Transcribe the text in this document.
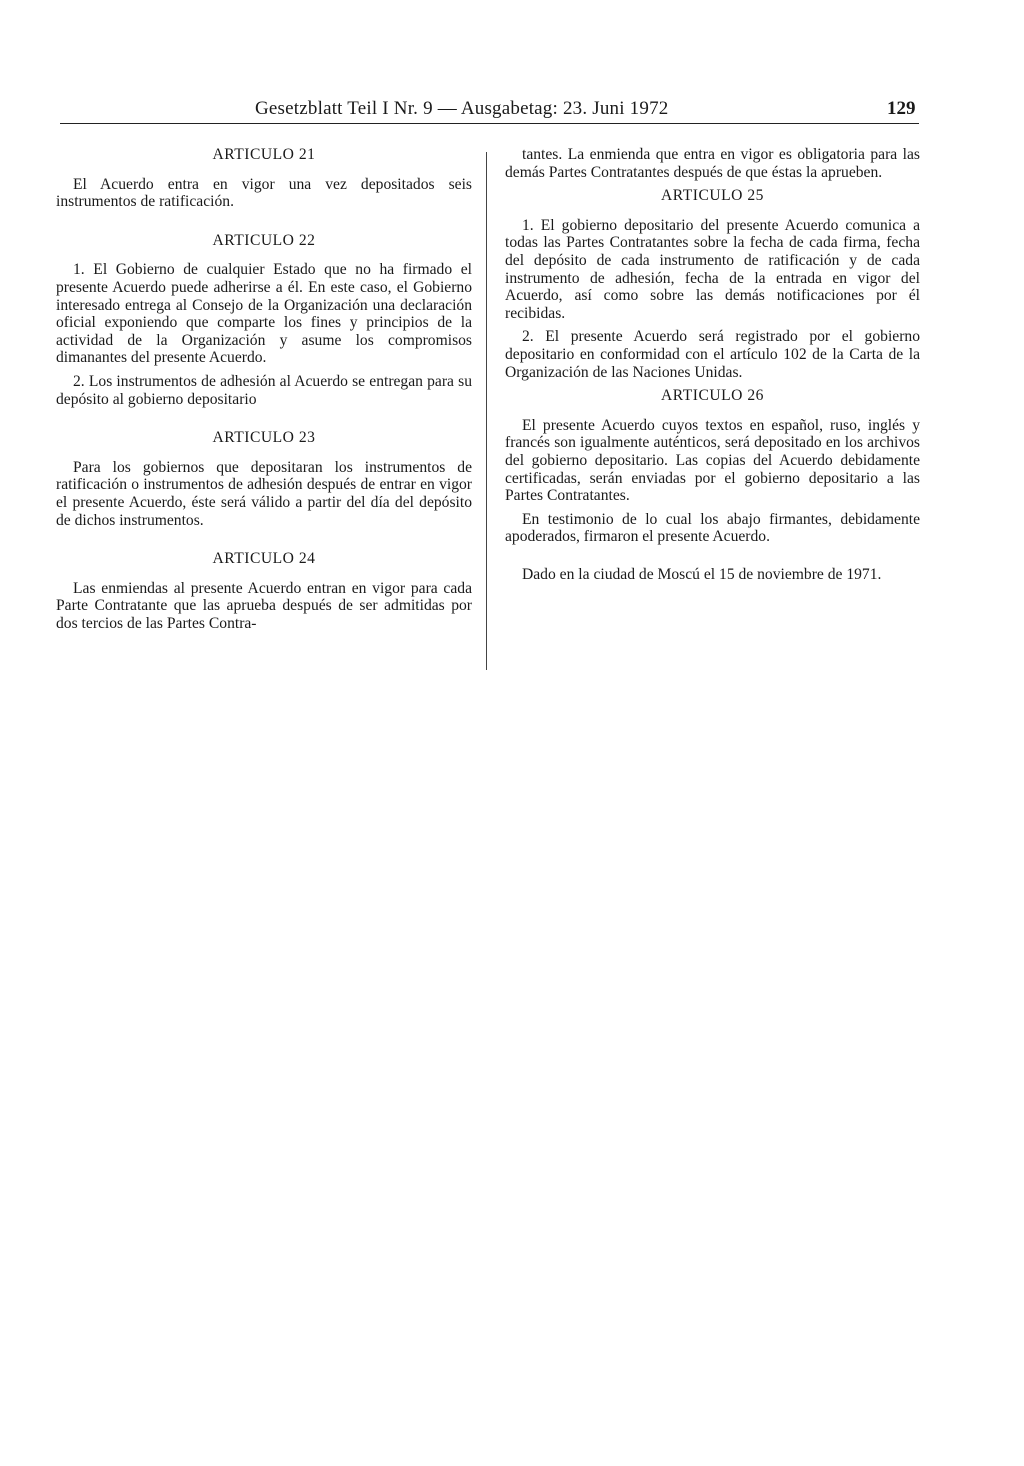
Gesetzblatt Teil I Nr. 9 — Ausgabetag: 23. Juni 1972	129
ARTICULO 21

El Acuerdo entra en vigor una vez depositados seis instrumentos de ratificación.

ARTICULO 22

1. El Gobierno de cualquier Estado que no ha firmado el presente Acuerdo puede adherirse a él. En este caso, el Gobierno interesado entrega al Consejo de la Organización una declaración oficial exponiendo que comparte los fines y principios de la actividad de la Organización y asume los compromisos dimanantes del presente Acuerdo.

2. Los instrumentos de adhesión al Acuerdo se entregan para su depósito al gobierno depositario

ARTICULO 23

Para los gobiernos que depositaran los instrumentos de ratificación o instrumentos de adhesión después de entrar en vigor el presente Acuerdo, éste será válido a partir del día del depósito de dichos instrumentos.

ARTICULO 24

Las enmiendas al presente Acuerdo entran en vigor para cada Parte Contratante que las aprueba después de ser admitidas por dos tercios de las Partes Contra-

tantes. La enmienda que entra en vigor es obligatoria para las demás Partes Contratantes después de que éstas la aprueben.

ARTICULO 25

1. El gobierno depositario del presente Acuerdo comunica a todas las Partes Contratantes sobre la fecha de cada firma, fecha del depósito de cada instrumento de ratificación y de cada instrumento de adhesión, fecha de la entrada en vigor del Acuerdo, así como sobre las demás notificaciones por él recibidas.

2. El presente Acuerdo será registrado por el gobierno depositario en conformidad con el artículo 102 de la Carta de la Organización de las Naciones Unidas.

ARTICULO 26

El presente Acuerdo cuyos textos en español, ruso, inglés y francés son igualmente auténticos, será depositado en los archivos del gobierno depositario. Las copias del Acuerdo debidamente certificadas, serán enviadas por el gobierno depositario a las Partes Contratantes.

En testimonio de lo cual los abajo firmantes, debidamente apoderados, firmaron el presente Acuerdo.

Dado en la ciudad de Moscú el 15 de noviembre de 1971.
